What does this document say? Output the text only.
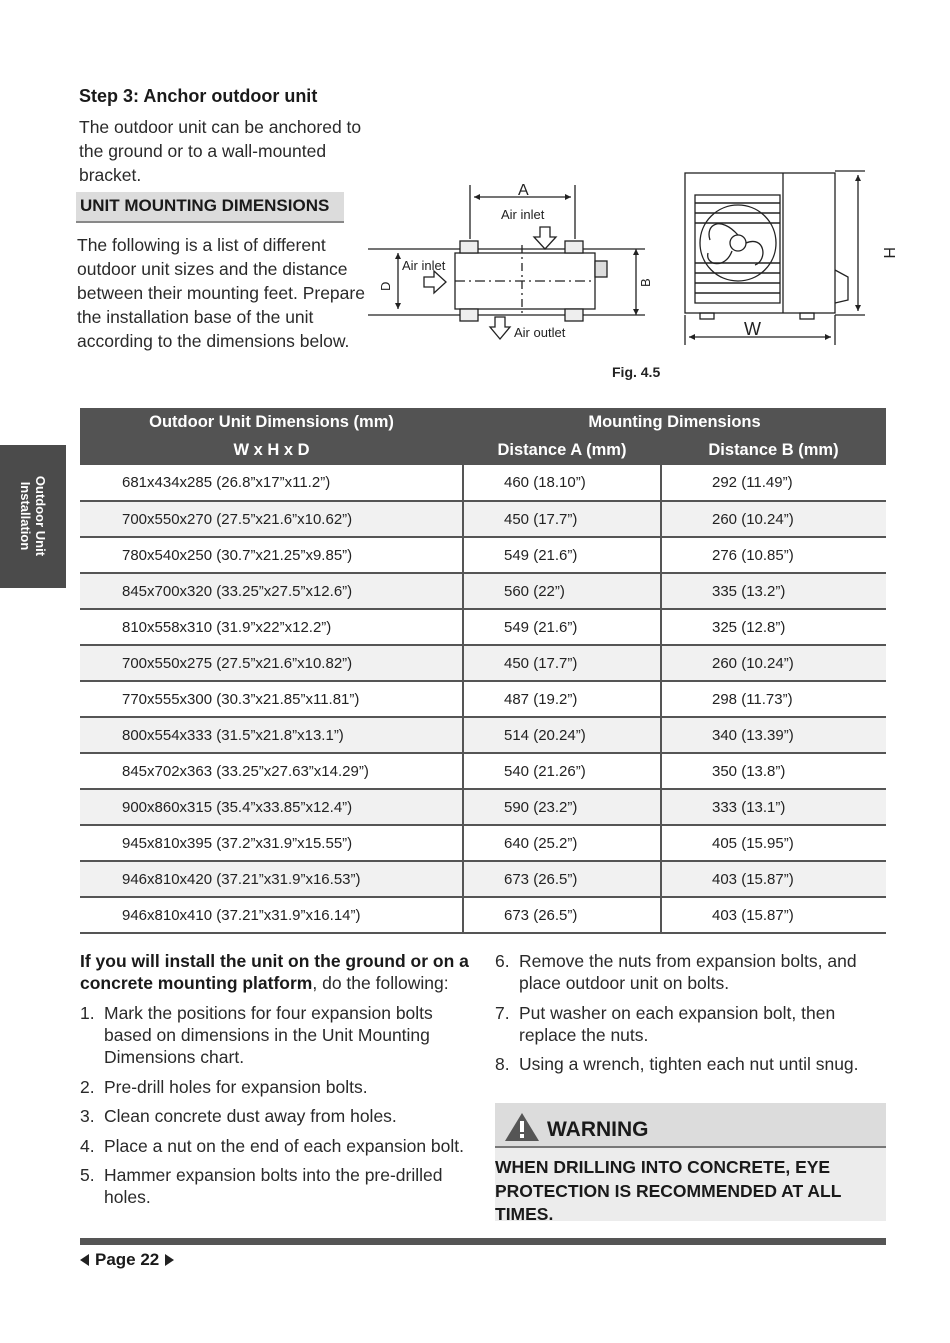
Step 3: Anchor outdoor unit
The outdoor unit can be anchored to the ground or to a wall-mounted bracket.
UNIT MOUNTING DIMENSIONS
The following is a list of different outdoor unit sizes and the distance between their mounting feet. Prepare the installation base of the unit according to the dimensions below.
A
Air inlet
Air inlet
Air outlet
D	B
W
H
Fig. 4.5
Outdoor Unit
Installation
Outdoor Unit Dimensions (mm)	Mounting Dimensions	
W x H x D	Distance A (mm)	Distance B (mm)
681x434x285 (26.8”x17”x11.2”)	460 (18.10”)	292 (11.49”)
700x550x270 (27.5”x21.6”x10.62”)	450 (17.7”)	260 (10.24”)
780x540x250 (30.7”x21.25”x9.85”)	549 (21.6”)	276 (10.85”)
845x700x320 (33.25”x27.5”x12.6”)	560 (22”)	335 (13.2”)
810x558x310 (31.9”x22”x12.2”)	549 (21.6”)	325 (12.8”)
700x550x275 (27.5”x21.6”x10.82”)	450 (17.7”)	260 (10.24”)
770x555x300 (30.3”x21.85”x11.81”)	487 (19.2”)	298 (11.73”)
800x554x333 (31.5”x21.8”x13.1”)	514 (20.24”)	340 (13.39”)
845x702x363 (33.25”x27.63”x14.29”)	540 (21.26”)	350 (13.8”)
900x860x315 (35.4”x33.85”x12.4”)	590 (23.2”)	333 (13.1”)
945x810x395 (37.2”x31.9”x15.55”)	640 (25.2”)	405 (15.95”)
946x810x420 (37.21”x31.9”x16.53”)	673 (26.5”)	403 (15.87”)
946x810x410 (37.21”x31.9”x16.14”)	673 (26.5”)	403 (15.87”)
If you will install the unit on the ground or on a concrete mounting platform, do the following:
1. Mark the positions for four expansion bolts based on dimensions in the Unit Mounting Dimensions chart.
2. Pre-drill holes for expansion bolts.
3. Clean concrete dust away from holes.
4. Place a nut on the end of each expansion bolt.
5. Hammer expansion bolts into the pre-drilled holes.
6. Remove the nuts from expansion bolts, and place outdoor unit on bolts.
7. Put washer on each expansion bolt, then replace the nuts.
8. Using a wrench, tighten each nut until snug.
WARNING
WHEN DRILLING INTO CONCRETE, EYE PROTECTION IS RECOMMENDED AT ALL TIMES.
Page 22
